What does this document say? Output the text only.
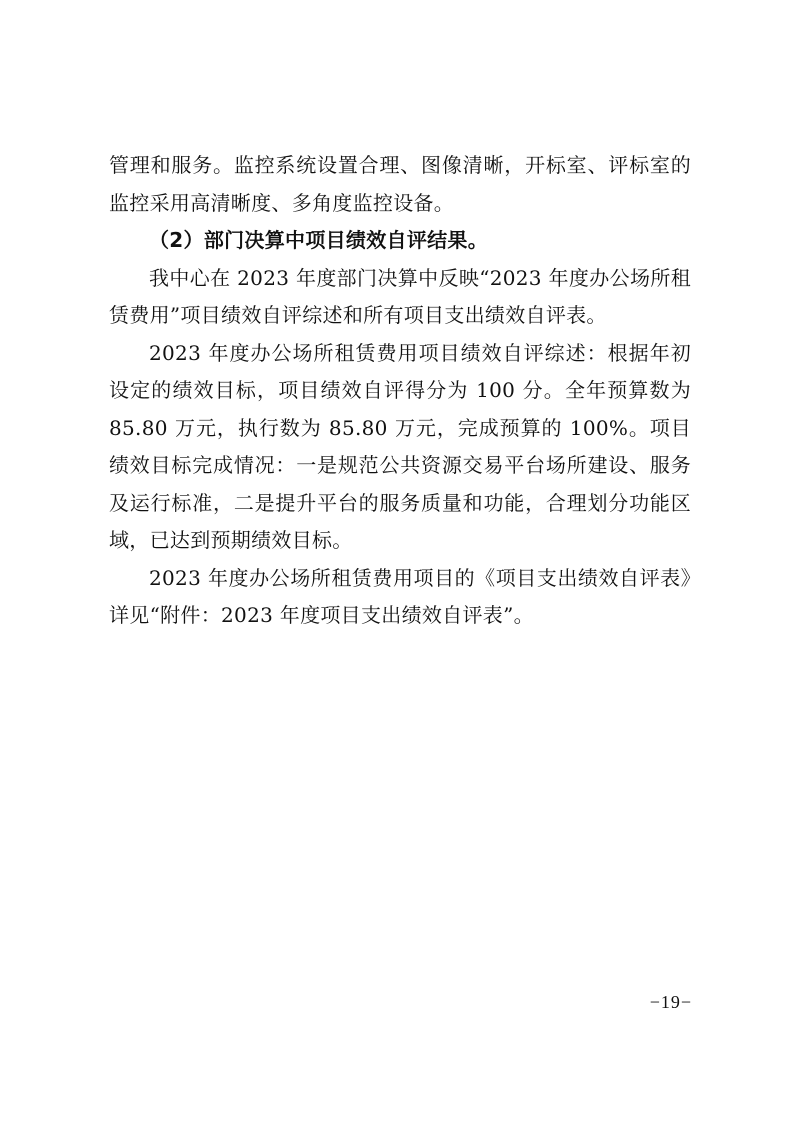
管理和服务。监控系统设置合理、图像清晰，开标室、评标室的监控采用高清晰度、多角度监控设备。

（2）部门决算中项目绩效自评结果。

我中心在 2023 年度部门决算中反映“2023 年度办公场所租赁费用”项目绩效自评综述和所有项目支出绩效自评表。

2023 年度办公场所租赁费用项目绩效自评综述：根据年初设定的绩效目标，项目绩效自评得分为 100 分。全年预算数为 85.80 万元，执行数为 85.80 万元，完成预算的 100%。项目绩效目标完成情况：一是规范公共资源交易平台场所建设、服务及运行标准，二是提升平台的服务质量和功能，合理划分功能区域，已达到预期绩效目标。

2023 年度办公场所租赁费用项目的《项目支出绩效自评表》详见“附件：2023 年度项目支出绩效自评表”。

−19−
